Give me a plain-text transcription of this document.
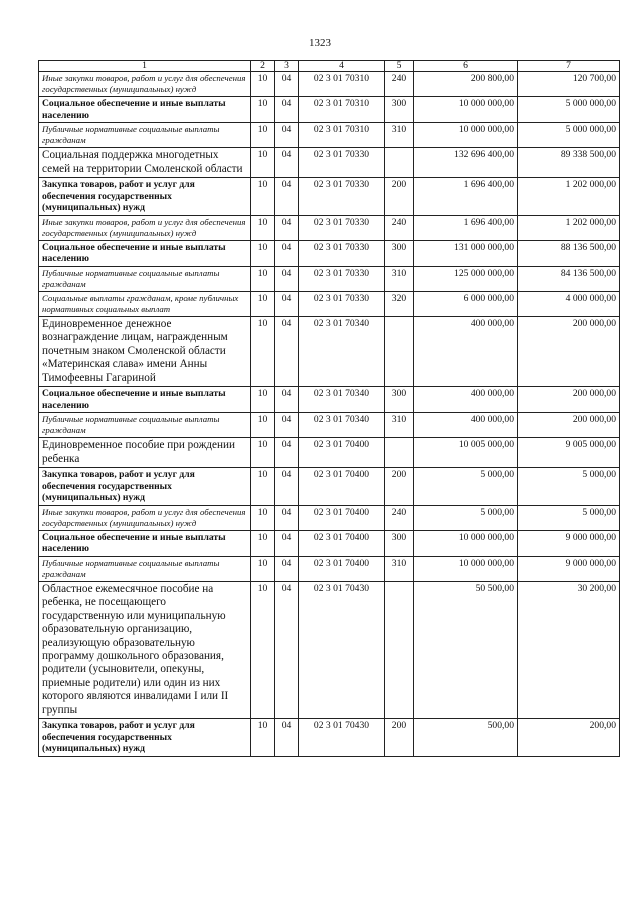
1323
1	2	3	4	5	6	7
Иные закупки товаров, работ и услуг для обеспечения государственных (муниципальных) нужд	10	04	02 3 01 70310	240	200 800,00	120 700,00
Социальное обеспечение и иные выплаты населению	10	04	02 3 01 70310	300	10 000 000,00	5 000 000,00
Публичные нормативные социальные выплаты гражданам	10	04	02 3 01 70310	310	10 000 000,00	5 000 000,00
Социальная поддержка многодетных семей на территории Смоленской области	10	04	02 3 01 70330		132 696 400,00	89 338 500,00
Закупка товаров, работ и услуг для обеспечения государственных (муниципальных) нужд	10	04	02 3 01 70330	200	1 696 400,00	1 202 000,00
Иные закупки товаров, работ и услуг для обеспечения государственных (муниципальных) нужд	10	04	02 3 01 70330	240	1 696 400,00	1 202 000,00
Социальное обеспечение и иные выплаты населению	10	04	02 3 01 70330	300	131 000 000,00	88 136 500,00
Публичные нормативные социальные выплаты гражданам	10	04	02 3 01 70330	310	125 000 000,00	84 136 500,00
Социальные выплаты гражданам, кроме публичных нормативных социальных выплат	10	04	02 3 01 70330	320	6 000 000,00	4 000 000,00
Единовременное денежное вознаграждение лицам, награжденным почетным знаком Смоленской области «Материнская слава» имени Анны Тимофеевны Гагариной	10	04	02 3 01 70340		400 000,00	200 000,00
Социальное обеспечение и иные выплаты населению	10	04	02 3 01 70340	300	400 000,00	200 000,00
Публичные нормативные социальные выплаты гражданам	10	04	02 3 01 70340	310	400 000,00	200 000,00
Единовременное пособие при рождении ребенка	10	04	02 3 01 70400		10 005 000,00	9 005 000,00
Закупка товаров, работ и услуг для обеспечения государственных (муниципальных) нужд	10	04	02 3 01 70400	200	5 000,00	5 000,00
Иные закупки товаров, работ и услуг для обеспечения государственных (муниципальных) нужд	10	04	02 3 01 70400	240	5 000,00	5 000,00
Социальное обеспечение и иные выплаты населению	10	04	02 3 01 70400	300	10 000 000,00	9 000 000,00
Публичные нормативные социальные выплаты гражданам	10	04	02 3 01 70400	310	10 000 000,00	9 000 000,00
Областное ежемесячное пособие на ребенка, не посещающего государственную или муниципальную образовательную организацию, реализующую образовательную программу дошкольного образования, родители (усыновители, опекуны, приемные родители) или один из них которого являются инвалидами I или II группы	10	04	02 3 01 70430		50 500,00	30 200,00
Закупка товаров, работ и услуг для обеспечения государственных (муниципальных) нужд	10	04	02 3 01 70430	200	500,00	200,00
